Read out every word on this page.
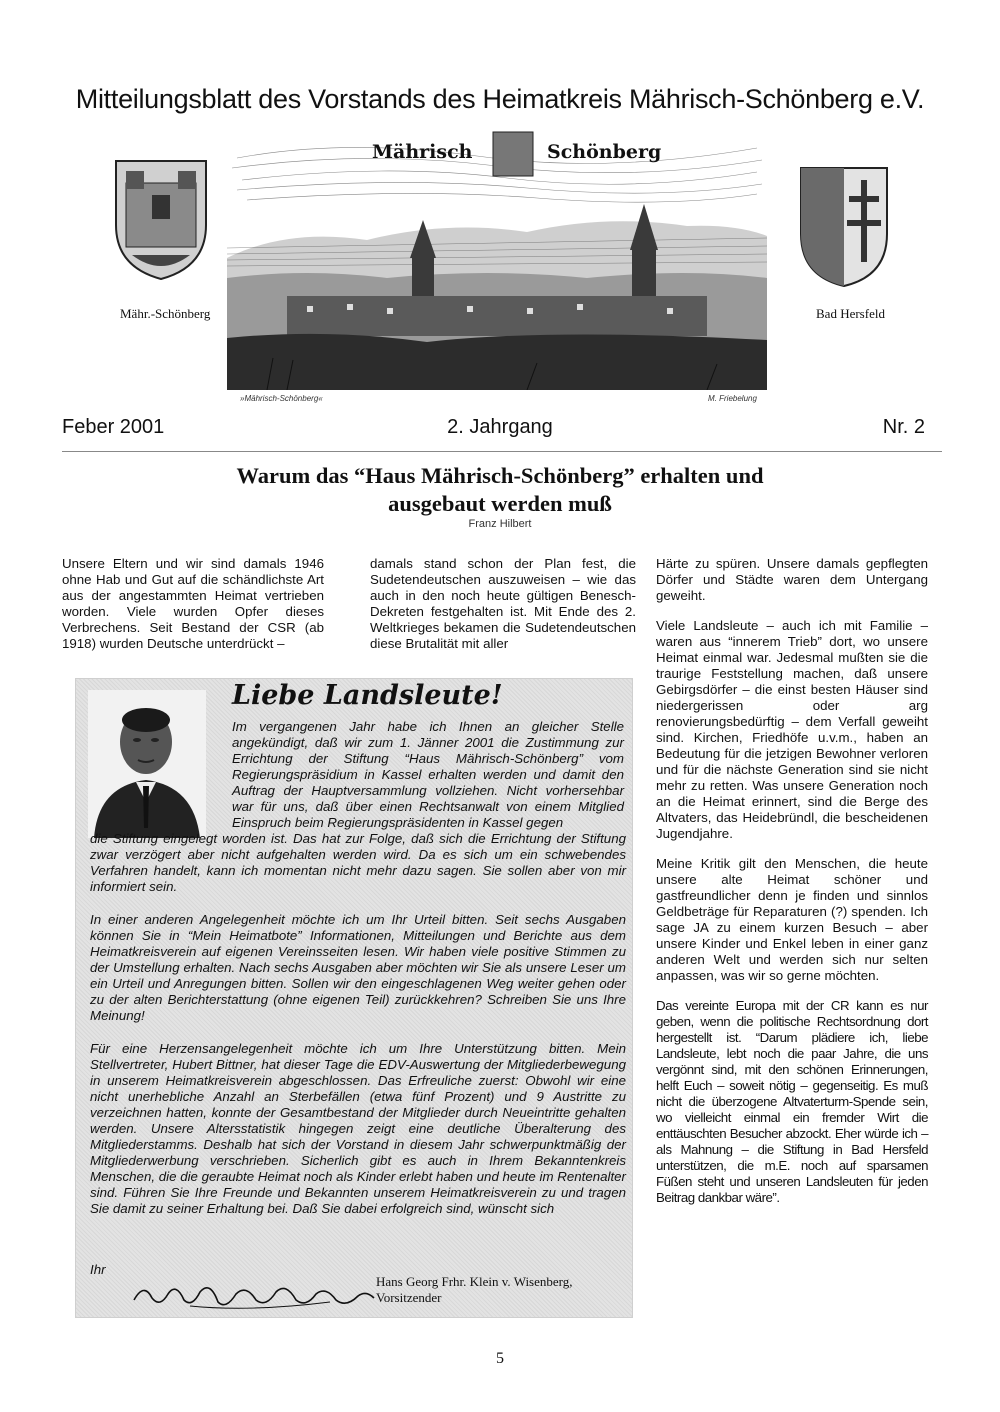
Mitteilungsblatt des Vorstands des Heimatkreis Mährisch-Schönberg e.V.
Mährisch	Schönberg
Mähr.-Schönberg	Bad Hersfeld
»Mährisch-Schönberg«	M. Friebelung
Feber 2001	2. Jahrgang	Nr. 2
Warum das “Haus Mährisch-Schönberg” erhalten und
ausgebaut werden muß
Franz Hilbert

Unsere Eltern und wir sind damals 1946 ohne Hab und Gut auf die schändlichste Art aus der angestammten Heimat vertrieben worden. Viele wurden Opfer dieses Verbrechens. Seit Bestand der CSR (ab 1918) wurden Deutsche unterdrückt –

damals stand schon der Plan fest, die Sudetendeutschen auszuweisen – wie das auch in den noch heute gültigen Benesch-Dekreten festgehalten ist. Mit Ende des 2. Weltkrieges bekamen die Sudetendeutschen diese Brutalität mit aller

Härte zu spüren. Unsere damals gepflegten Dörfer und Städte waren dem Untergang geweiht.

Viele Landsleute – auch ich mit Familie – waren aus “innerem Trieb” dort, wo unsere Heimat einmal war. Jedesmal mußten sie die traurige Feststellung machen, daß unsere Gebirgsdörfer – die einst besten Häuser sind niedergerissen oder arg renovierungsbedürftig – dem Verfall geweiht sind. Kirchen, Friedhöfe u.v.m., haben an Bedeutung für die jetzigen Bewohner verloren und für die nächste Generation sind sie nicht mehr zu retten. Was unsere Generation noch an die Heimat erinnert, sind die Berge des Altvaters, das Heidebründl, die bescheidenen Jugendjahre.

Meine Kritik gilt den Menschen, die heute unsere alte Heimat schöner und gastfreundlicher denn je finden und sinnlos Geldbeträge für Reparaturen (?) spenden. Ich sage JA zu einem kurzen Besuch – aber unsere Kinder und Enkel leben in einer ganz anderen Welt und werden sich nur selten anpassen, was wir so gerne möchten.

Das vereinte Europa mit der CR kann es nur geben, wenn die politische Rechtsordnung dort hergestellt ist. “Darum plädiere ich, liebe Landsleute, lebt noch die paar Jahre, die uns vergönnt sind, mit den schönen Erinnerungen, helft Euch – soweit nötig – gegenseitig. Es muß nicht die überzogene Altvaterturm-Spende sein, wo vielleicht einmal ein fremder Wirt die enttäuschten Besucher abzockt. Eher würde ich – als Mahnung – die Stiftung in Bad Hersfeld unterstützen, die m.E. noch auf sparsamen Füßen steht und unseren Landsleuten für jeden Beitrag dankbar wäre”.

Liebe Landsleute!

Im vergangenen Jahr habe ich Ihnen an gleicher Stelle angekündigt, daß wir zum 1. Jänner 2001 die Zustimmung zur Errichtung der Stiftung “Haus Mährisch-Schönberg” vom Regierungspräsidium in Kassel erhalten werden und damit den Auftrag der Hauptversammlung vollziehen. Nicht vorhersehbar war für uns, daß über einen Rechtsanwalt von einem Mitglied Einspruch beim Regierungspräsidenten in Kassel gegen

die Stiftung eingelegt worden ist. Das hat zur Folge, daß sich die Errichtung der Stiftung zwar verzögert aber nicht aufgehalten werden wird. Da es sich um ein schwebendes Verfahren handelt, kann ich momentan nicht mehr dazu sagen. Sie sollen aber von mir informiert sein.

In einer anderen Angelegenheit möchte ich um Ihr Urteil bitten. Seit sechs Ausgaben können Sie in “Mein Heimatbote” Informationen, Mitteilungen und Berichte aus dem Heimatkreisverein auf eigenen Vereinsseiten lesen. Wir haben viele positive Stimmen zu der Umstellung erhalten. Nach sechs Ausgaben aber möchten wir Sie als unsere Leser um ein Urteil und Anregungen bitten. Sollen wir den eingeschlagenen Weg weiter gehen oder zu der alten Berichterstattung (ohne eigenen Teil) zurückkehren? Schreiben Sie uns Ihre Meinung!

Für eine Herzensangelegenheit möchte ich um Ihre Unterstützung bitten. Mein Stellvertreter, Hubert Bittner, hat dieser Tage die EDV-Auswertung der Mitgliederbewegung in unserem Heimatkreisverein abgeschlossen. Das Erfreuliche zuerst: Obwohl wir eine nicht unerhebliche Anzahl an Sterbefällen (etwa fünf Prozent) und 9 Austritte zu verzeichnen hatten, konnte der Gesamtbestand der Mitglieder durch Neueintritte gehalten werden. Unsere Altersstatistik hingegen zeigt eine deutliche Überalterung des Mitgliederstamms. Deshalb hat sich der Vorstand in diesem Jahr schwerpunktmäßig der Mitgliederwerbung verschrieben. Sicherlich gibt es auch in Ihrem Bekanntenkreis Menschen, die die geraubte Heimat noch als Kinder erlebt haben und heute im Rentenalter sind. Führen Sie Ihre Freunde und Bekannten unserem Heimatkreisverein zu und tragen Sie damit zu seiner Erhaltung bei. Daß Sie dabei erfolgreich sind, wünscht sich

Ihr
Hans Georg Frhr. Klein v. Wisenberg,
Vorsitzender
5
